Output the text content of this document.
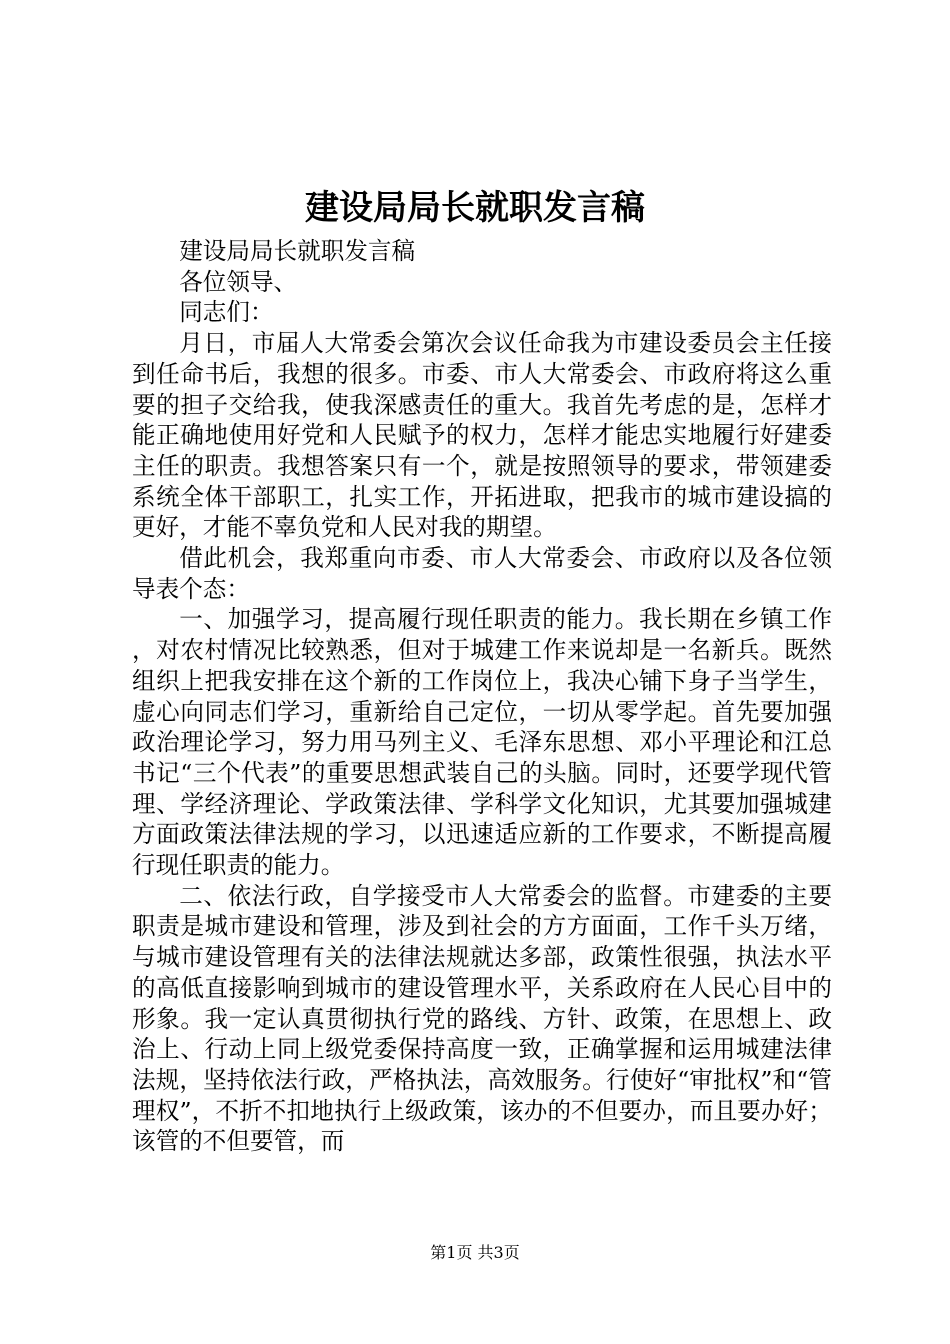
建设局局长就职发言稿

建设局局长就职发言稿

各位领导、

同志们：

月日，市届人大常委会第次会议任命我为市建设委员会主任接到任命书后，我想的很多。市委、市人大常委会、市政府将这么重要的担子交给我，使我深感责任的重大。我首先考虑的是，怎样才能正确地使用好党和人民赋予的权力，怎样才能忠实地履行好建委主任的职责。我想答案只有一个，就是按照领导的要求，带领建委系统全体干部职工，扎实工作，开拓进取，把我市的城市建设搞的更好，才能不辜负党和人民对我的期望。

借此机会，我郑重向市委、市人大常委会、市政府以及各位领导表个态：

一、加强学习，提高履行现任职责的能力。我长期在乡镇工作，对农村情况比较熟悉，但对于城建工作来说却是一名新兵。既然组织上把我安排在这个新的工作岗位上，我决心铺下身子当学生，虚心向同志们学习，重新给自己定位，一切从零学起。首先要加强政治理论学习，努力用马列主义、毛泽东思想、邓小平理论和江总书记“三个代表”的重要思想武装自己的头脑。同时，还要学现代管理、学经济理论、学政策法律、学科学文化知识，尤其要加强城建方面政策法律法规的学习，以迅速适应新的工作要求，不断提高履行现任职责的能力。

二、依法行政，自学接受市人大常委会的监督。市建委的主要职责是城市建设和管理，涉及到社会的方方面面，工作千头万绪，与城市建设管理有关的法律法规就达多部，政策性很强，执法水平的高低直接影响到城市的建设管理水平，关系政府在人民心目中的形象。我一定认真贯彻执行党的路线、方针、政策，在思想上、政治上、行动上同上级党委保持高度一致，正确掌握和运用城建法律法规，坚持依法行政，严格执法，高效服务。行使好“审批权”和“管理权”，不折不扣地执行上级政策，该办的不但要办，而且要办好；该管的不但要管，而

第1页 共3页
